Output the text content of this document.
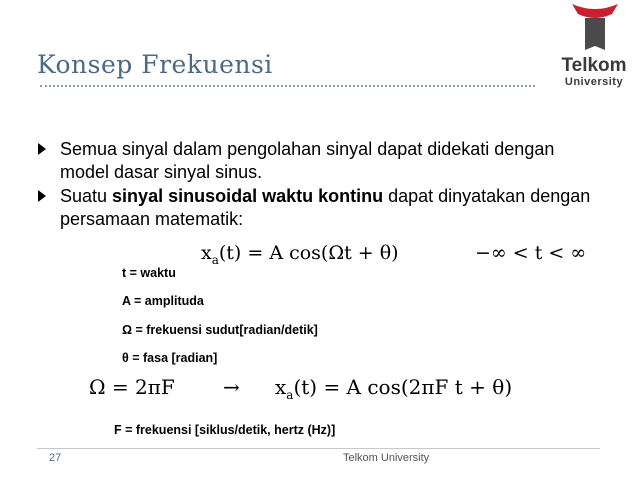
Konsep Frekuensi	Telkom
University
Semua sinyal dalam pengolahan sinyal dapat didekati dengan model dasar sinyal sinus.
Suatu sinyal sinusoidal waktu kontinu dapat dinyatakan dengan persamaan matematik:
$x_a(t) = A$ cos(Ωt + θ)	−∞ < t < ∞
t = waktu
A = amplituda
Ω = frekuensi sudut[radian/detik]
θ = fasa [radian]
$\Omega = 2\pi F \to x_a(t) = A$ cos(2πF t + θ)
F = frekuensi [siklus/detik, hertz (Hz)]
27	Telkom University
